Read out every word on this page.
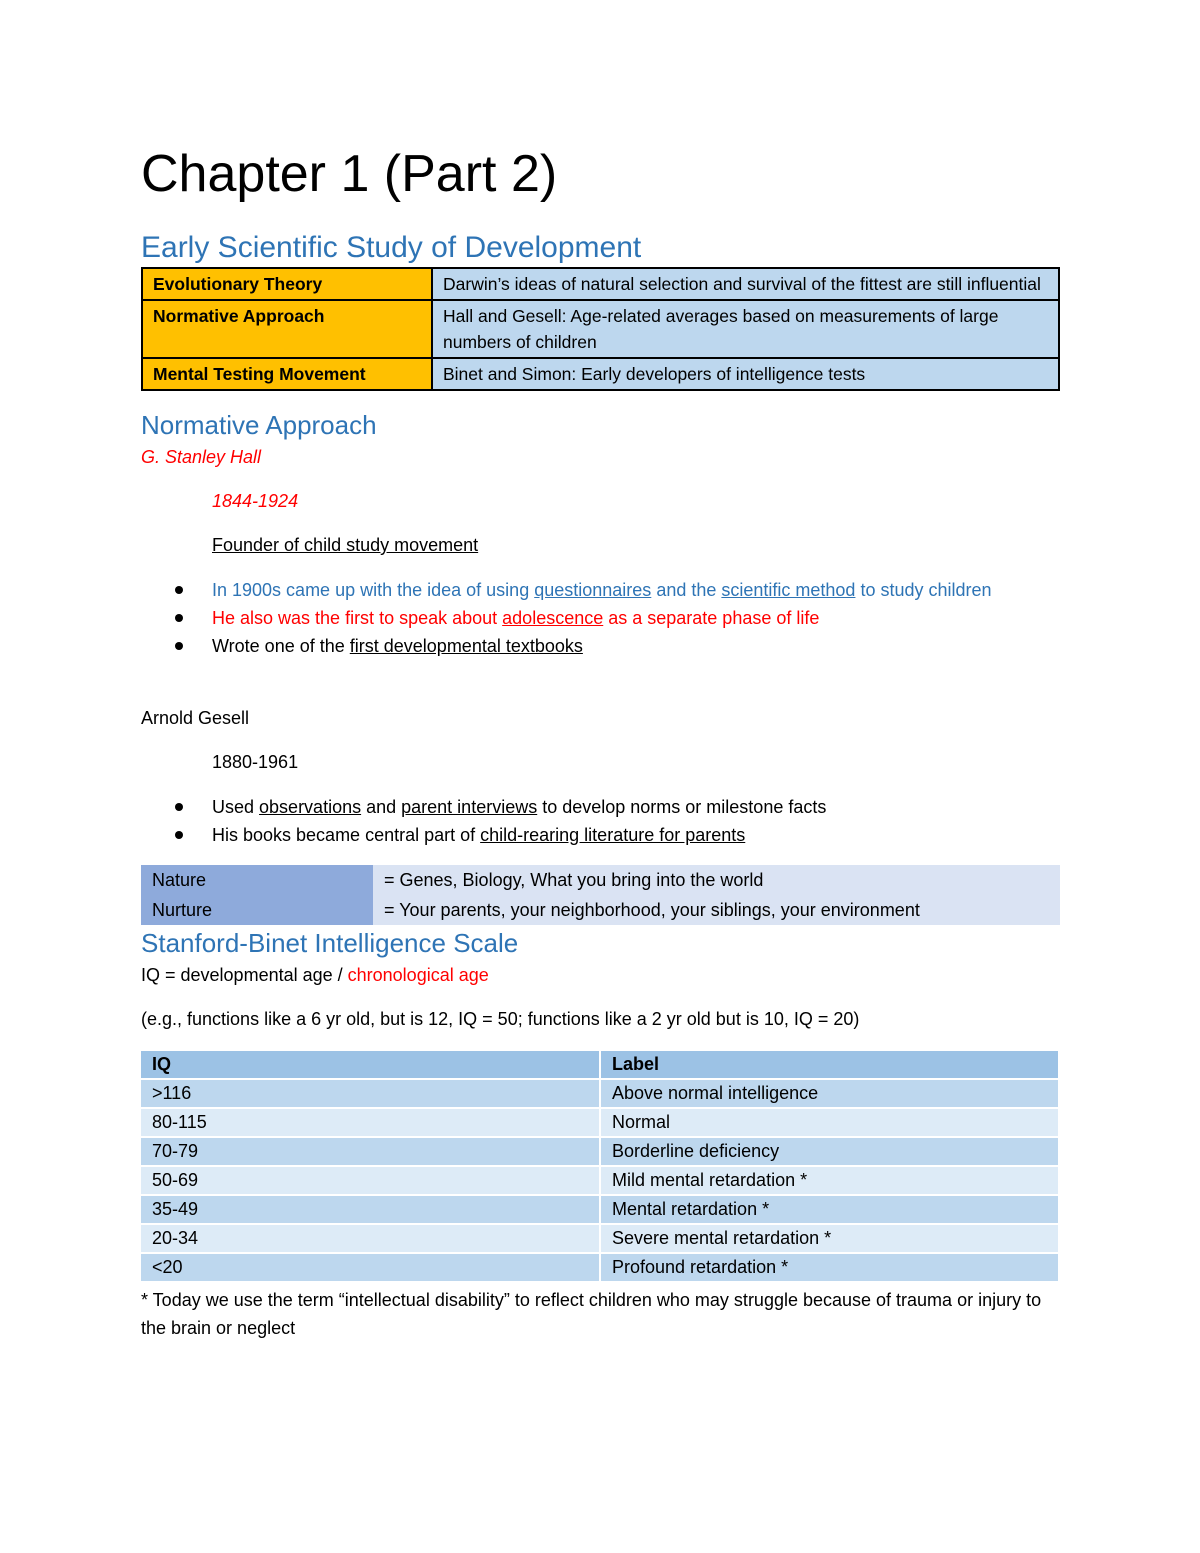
Chapter 1 (Part 2)
Early Scientific Study of Development
Evolutionary Theory	Darwin’s ideas of natural selection and survival of the fittest are still influential
Normative Approach	Hall and Gesell: Age-related averages based on measurements of large numbers of children
Mental Testing Movement	Binet and Simon: Early developers of intelligence tests
Normative Approach
G. Stanley Hall
1844-1924
Founder of child study movement
In 1900s came up with the idea of using questionnaires and the scientific method to study children
He also was the first to speak about adolescence as a separate phase of life
Wrote one of the first developmental textbooks
Arnold Gesell
1880-1961
Used observations and parent interviews to develop norms or milestone facts
His books became central part of child-rearing literature for parents
Nature	= Genes, Biology, What you bring into the world
Nurture	= Your parents, your neighborhood, your siblings, your environment
Stanford-Binet Intelligence Scale
IQ = developmental age / chronological age
(e.g., functions like a 6 yr old, but is 12, IQ = 50; functions like a 2 yr old but is 10, IQ = 20)
IQ	Label
>116	Above normal intelligence
80-115	Normal
70-79	Borderline deficiency
50-69	Mild mental retardation *
35-49	Mental retardation *
20-34	Severe mental retardation *
<20	Profound retardation *
* Today we use the term “intellectual disability” to reflect children who may struggle because of trauma or injury to the brain or neglect
